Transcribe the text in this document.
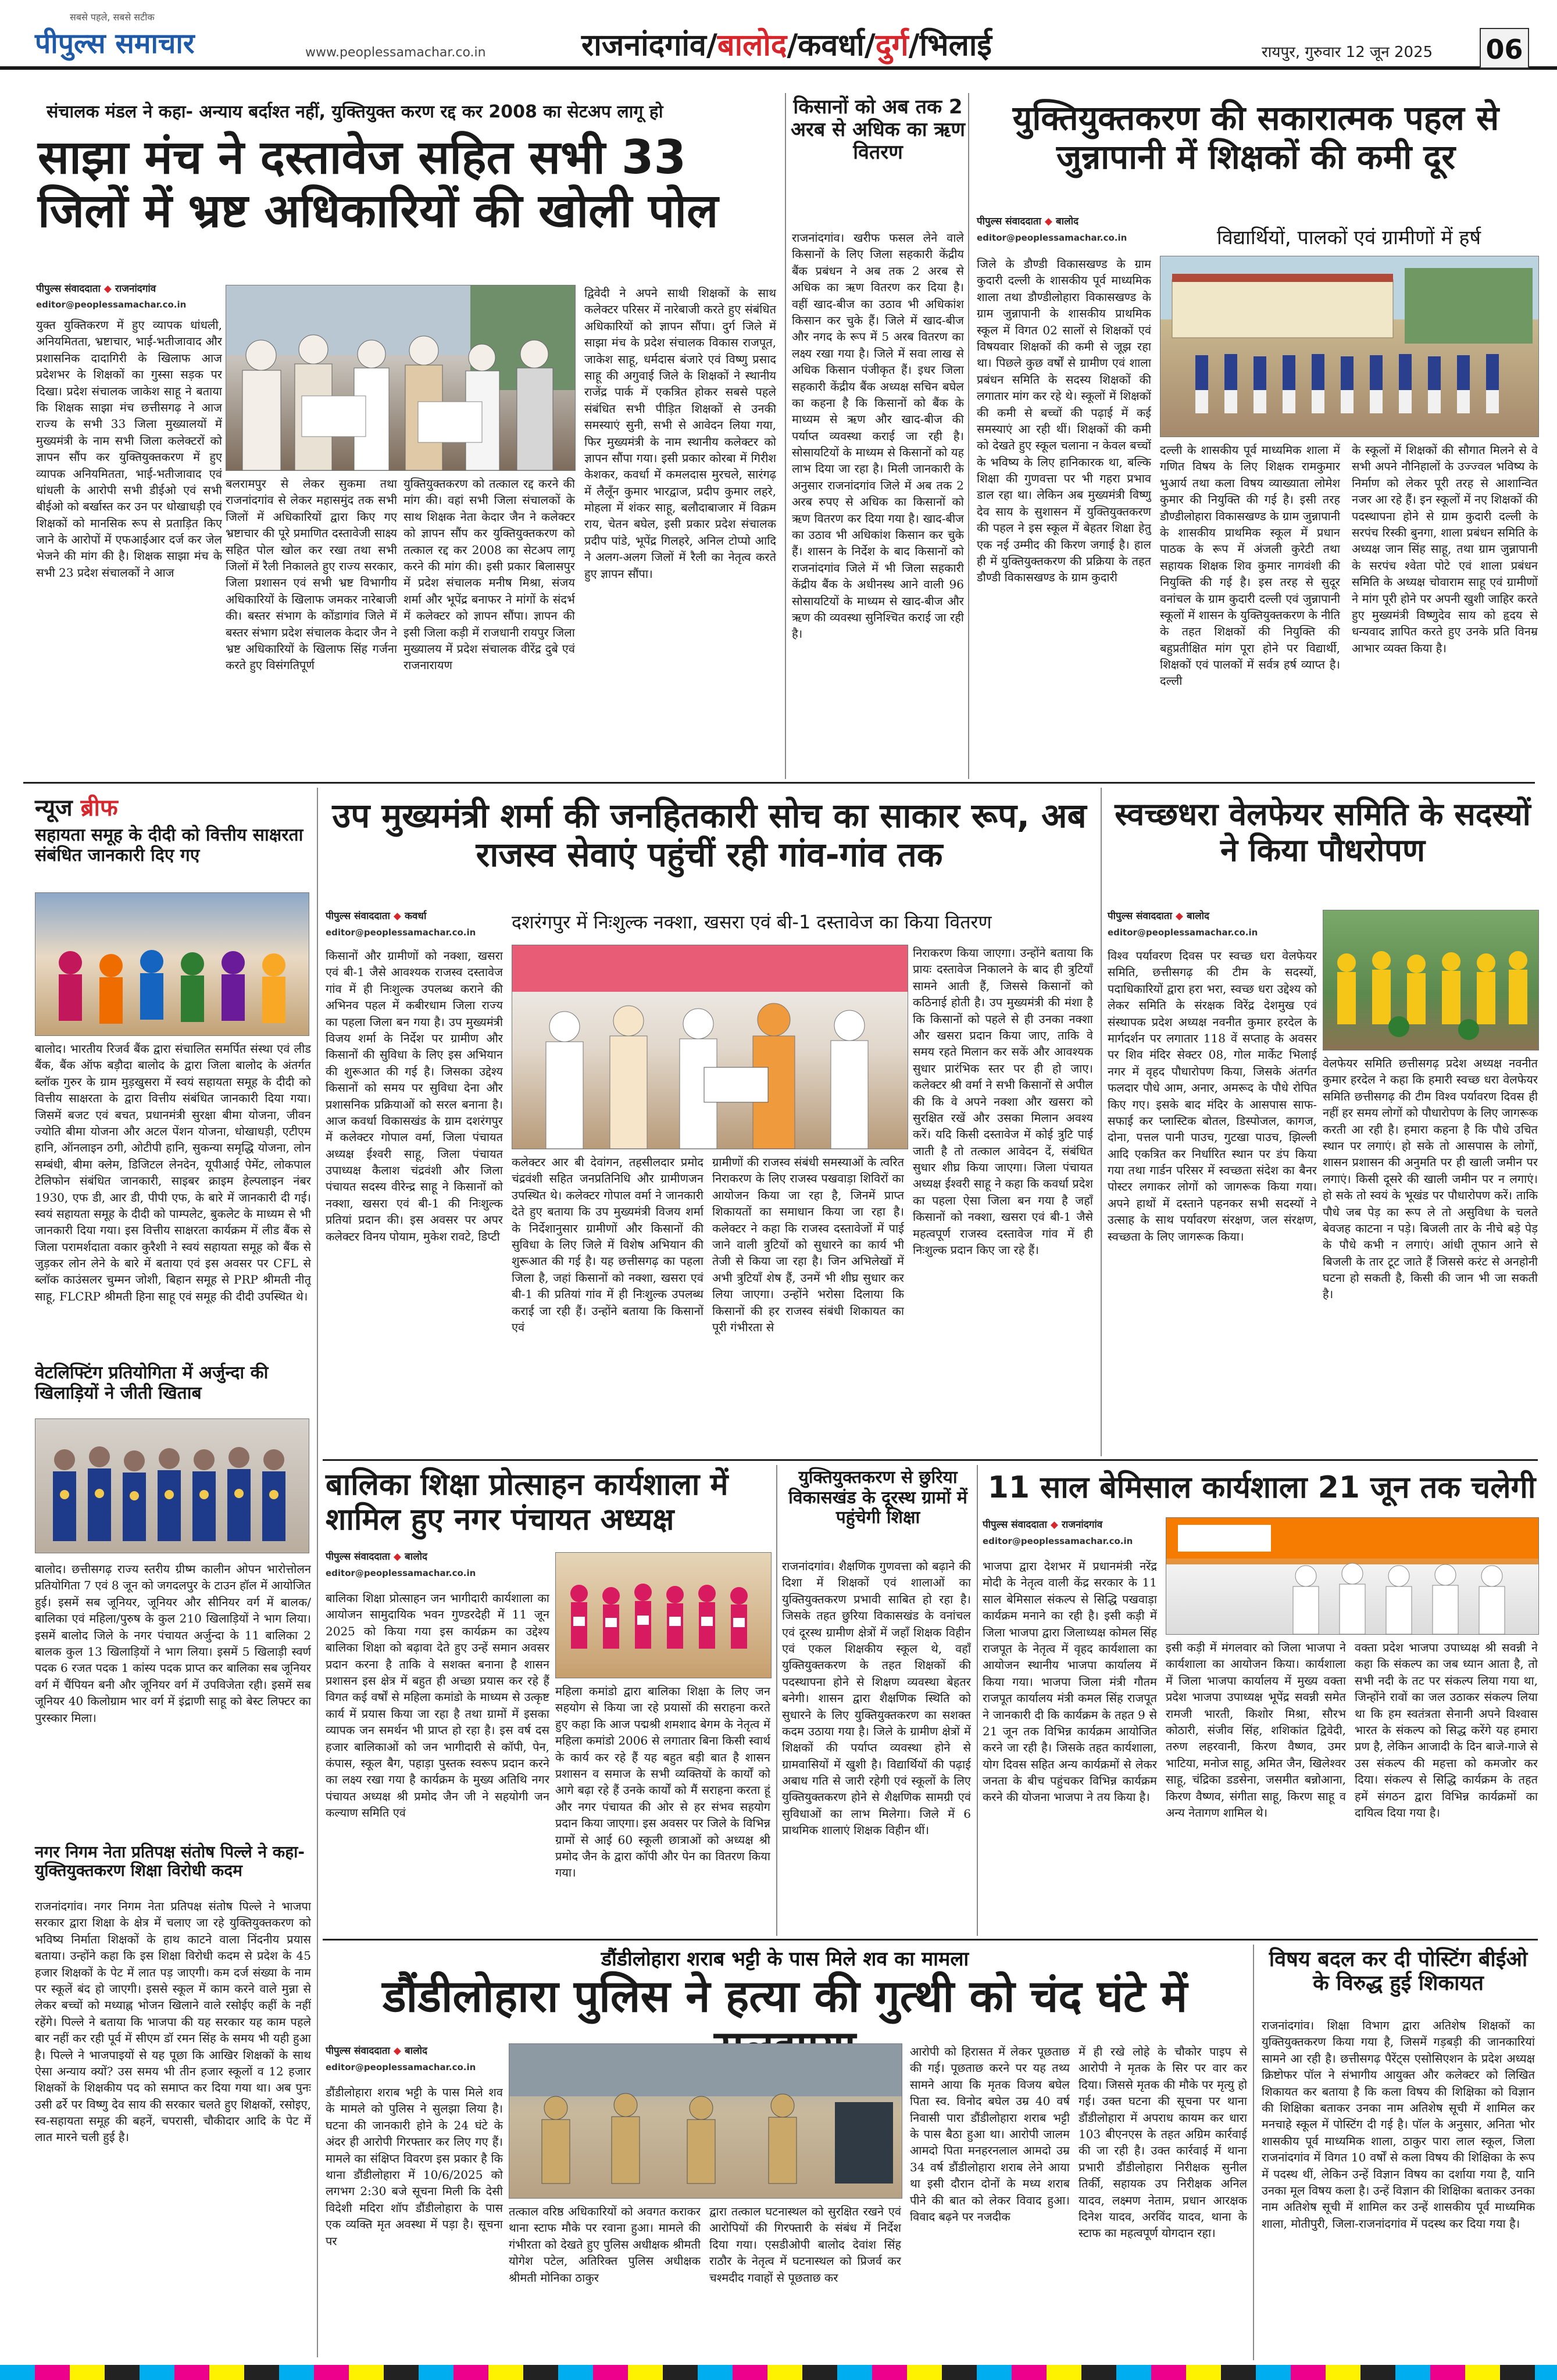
सबसे पहले, सबसे सटीक
पीपुल्स समाचार	www.peoplessamachar.co.in	राजनांदगांव/बालोद/कवर्धा/दुर्ग/भिलाई	रायपुर, गुरुवार 12 जून 2025 06
संचालक मंडल ने कहा- अन्याय बर्दाश्त नहीं, युक्तियुक्त करण रद्द कर 2008 का सेटअप लागू हो
साझा मंच ने दस्तावेज सहित सभी 33 जिलों में भ्रष्ट अधिकारियों की खोली पोल
पीपुल्स संवाददाता ◆ राजनांदगांव
editor@peoplessamachar.co.in
युक्त युक्तिकरण में हुए व्यापक धांधली, अनियमितता, भ्रष्टाचार, भाई-भतीजावाद और प्रशासनिक दादागिरी के खिलाफ आज प्रदेशभर के शिक्षकों का गुस्सा सड़क पर दिखा। प्रदेश संचालक जाकेश साहू ने बताया कि शिक्षक साझा मंच छत्तीसगढ़ ने आज राज्य के सभी 33 जिला मुख्यालयों में मुख्यमंत्री के नाम सभी जिला कलेक्टरों को ज्ञापन सौंप कर युक्तियुक्तकरण में हुए व्यापक अनियमितता, भाई-भतीजावाद एवं धांधली के आरोपी सभी डीईओ एवं सभी बीईओ को बर्खास्त कर उन पर धोखाधड़ी एवं शिक्षकों को मानसिक रूप से प्रताड़ित किए जाने के आरोपों में एफआईआर दर्ज कर जेल भेजने की मांग की है। शिक्षक साझा मंच के सभी 23 प्रदेश संचालकों ने आज
बलरामपुर से लेकर सुकमा तथा राजनांदगांव से लेकर महासमुंद तक सभी जिलों में अधिकारियों द्वारा किए गए भ्रष्टाचार की पूरे प्रमाणित दस्तावेजी साक्ष्य सहित पोल खोल कर रखा तथा सभी जिलों में रैली निकालते हुए राज्य सरकार, जिला प्रशासन एवं सभी भ्रष्ट विभागीय अधिकारियों के खिलाफ जमकर नारेबाजी की। बस्तर संभाग के कोंडागांव जिले में बस्तर संभाग प्रदेश संचालक केदार जैन ने भ्रष्ट अधिकारियों के खिलाफ सिंह गर्जना करते हुए विसंगतिपूर्ण
युक्तियुक्तकरण को तत्काल रद्द करने की मांग की। वहां सभी जिला संचालकों के साथ शिक्षक नेता केदार जैन ने कलेक्टर को ज्ञापन सौंप कर युक्तियुक्तकरण को तत्काल रद्द कर 2008 का सेटअप लागू करने की मांग की। इसी प्रकार बिलासपुर में प्रदेश संचालक मनीष मिश्रा, संजय शर्मा और भूपेंद्र बनाफर ने मांगों के संदर्भ में कलेक्टर को ज्ञापन सौंपा। ज्ञापन की इसी जिला कड़ी में राजधानी रायपुर जिला मुख्यालय में प्रदेश संचालक वीरेंद्र दुबे एवं राजनारायण
द्विवेदी ने अपने साथी शिक्षकों के साथ कलेक्टर परिसर में नारेबाजी करते हुए संबंधित अधिकारियों को ज्ञापन सौंपा। दुर्ग जिले में साझा मंच के प्रदेश संचालक विकास राजपूत, जाकेश साहू, धर्मदास बंजारे एवं विष्णु प्रसाद साहू की अगुवाई जिले के शिक्षकों ने स्थानीय राजेंद्र पार्क में एकत्रित होकर सबसे पहले संबंधित सभी पीड़ित शिक्षकों से उनकी समस्याएं सुनी, सभी से आवेदन लिया गया, फिर मुख्यमंत्री के नाम स्थानीय कलेक्टर को ज्ञापन सौंपा गया। इसी प्रकार कोरबा में गिरीश केशकर, कवर्धा में कमलदास मुरचले, सारंगढ़ में लैलूँन कुमार भारद्वाज, प्रदीप कुमार लहरे, मोहला में शंकर साहू, बलौदाबाजार में विक्रम राय, चेतन बघेल, इसी प्रकार प्रदेश संचालक प्रदीप पांडे, भूपेंद्र गिलहरे, अनिल टोप्पो आदि ने अलग-अलग जिलों में रैली का नेतृत्व करते हुए ज्ञापन सौंपा।
किसानों को अब तक 2 अरब से अधिक का ऋण वितरण
राजनांदगांव। खरीफ फसल लेने वाले किसानों के लिए जिला सहकारी केंद्रीय बैंक प्रबंधन ने अब तक 2 अरब से अधिक का ऋण वितरण कर दिया है। वहीं खाद-बीज का उठाव भी अधिकांश किसान कर चुके हैं। जिले में खाद-बीज और नगद के रूप में 5 अरब वितरण का लक्ष्य रखा गया है। जिले में सवा लाख से अधिक किसान पंजीकृत हैं। इधर जिला सहकारी केंद्रीय बैंक अध्यक्ष सचिन बघेल का कहना है कि किसानों को बैंक के माध्यम से ऋण और खाद-बीज की पर्याप्त व्यवस्था कराई जा रही है। सोसायटियों के माध्यम से किसानों को यह लाभ दिया जा रहा है। मिली जानकारी के अनुसार राजनांदगांव जिले में अब तक 2 अरब रुपए से अधिक का किसानों को ऋण वितरण कर दिया गया है। खाद-बीज का उठाव भी अधिकांश किसान कर चुके हैं। शासन के निर्देश के बाद किसानों को राजनांदगांव जिले में भी जिला सहकारी केंद्रीय बैंक के अधीनस्थ आने वाली 96 सोसायटियों के माध्यम से खाद-बीज और ऋण की व्यवस्था सुनिश्चित कराई जा रही है।
युक्तियुक्तकरण की सकारात्मक पहल से जुन्नापानी में शिक्षकों की कमी दूर
पीपुल्स संवाददाता ◆ बालोद
editor@peoplessamachar.co.in	विद्यार्थियों, पालकों एवं ग्रामीणों में हर्ष
जिले के डौण्डी विकासखण्ड के ग्राम कुदारी दल्ली के शासकीय पूर्व माध्यमिक शाला तथा डौण्डीलोहारा विकासखण्ड के ग्राम जुन्नापानी के शासकीय प्राथमिक स्कूल में विगत 02 सालों से शिक्षकों एवं विषयवार शिक्षकों की कमी से जूझ रहा था। पिछले कुछ वर्षों से ग्रामीण एवं शाला प्रबंधन समिति के सदस्य शिक्षकों की लगातार मांग कर रहे थे। स्कूलों में शिक्षकों की कमी से बच्चों की पढ़ाई में कई समस्याएं आ रही थीं। शिक्षकों की कमी को देखते हुए स्कूल चलाना न केवल बच्चों के भविष्य के लिए हानिकारक था, बल्कि शिक्षा की गुणवत्ता पर भी गहरा प्रभाव डाल रहा था। लेकिन अब मुख्यमंत्री विष्णु देव साय के सुशासन में युक्तियुक्तकरण की पहल ने इस स्कूल में बेहतर शिक्षा हेतु एक नई उम्मीद की किरण जगाई है। हाल ही में युक्तियुक्तकरण की प्रक्रिया के तहत डौण्डी विकासखण्ड के ग्राम कुदारी
दल्ली के शासकीय पूर्व माध्यमिक शाला में गणित विषय के लिए शिक्षक रामकुमार भुआर्य तथा कला विषय व्याख्याता लोमेश कुमार की नियुक्ति की गई है। इसी तरह डौण्डीलोहारा विकासखण्ड के ग्राम जुन्नापानी के शासकीय प्राथमिक स्कूल में प्रधान पाठक के रूप में अंजली कुरेटी तथा सहायक शिक्षक शिव कुमार नागवंशी की नियुक्ति की गई है। इस तरह से सुदूर वनांचल के ग्राम कुदारी दल्ली एवं जुन्नापानी स्कूलों में शासन के युक्तियुक्तकरण के नीति के तहत शिक्षकों की नियुक्ति की बहुप्रतीक्षित मांग पूरा होने पर विद्यार्थी, शिक्षकों एवं पालकों में सर्वत्र हर्ष व्याप्त है। दल्ली
के स्कूलों में शिक्षकों की सौगात मिलने से वे सभी अपने नौनिहालों के उज्ज्वल भविष्य के निर्माण को लेकर पूरी तरह से आशान्वित नजर आ रहे हैं। इन स्कूलों में नए शिक्षकों की पदस्थापना होने से ग्राम कुदारी दल्ली के सरपंच रिस्की बुनगा, शाला प्रबंधन समिति के अध्यक्ष जान सिंह साहू, तथा ग्राम जुन्नापानी के सरपंच श्वेता पोटे एवं शाला प्रबंधन समिति के अध्यक्ष चोवाराम साहू एवं ग्रामीणों ने मांग पूरी होने पर अपनी खुशी जाहिर करते हुए मुख्यमंत्री विष्णुदेव साय को हृदय से धन्यवाद ज्ञापित करते हुए उनके प्रति विनम्र आभार व्यक्त किया है।
न्यूज ब्रीफ
सहायता समूह के दीदी को वित्तीय साक्षरता संबंधित जानकारी दिए गए
बालोद। भारतीय रिजर्व बैंक द्वारा संचालित समर्पित संस्था एवं लीड बैंक, बैंक ऑफ बड़ौदा बालोद के द्वारा जिला बालोद के अंतर्गत ब्लॉक गुरुर के ग्राम मुड़खुसरा में स्वयं सहायता समूह के दीदी को वित्तीय साक्षरता के द्वारा वित्तीय संबंधित जानकारी दिया गया। जिसमें बजट एवं बचत, प्रधानमंत्री सुरक्षा बीमा योजना, जीवन ज्योति बीमा योजना और अटल पेंशन योजना, धोखाधड़ी, एटीएम हानि, ऑनलाइन ठगी, ओटीपी हानि, सुकन्या समृद्धि योजना, लोन सम्बंधी, बीमा क्लेम, डिजिटल लेनदेन, यूपीआई पेमेंट, लोकपाल टेलिफोन संबंधित जानकारी, साइबर क्राइम हेल्पलाइन नंबर 1930, एफ डी, आर डी, पीपी एफ, के बारे में जानकारी दी गई। स्वयं सहायता समूह के दीदी को पाम्पलेट, बुकलेट के माध्यम से भी जानकारी दिया गया। इस वित्तीय साक्षरता कार्यक्रम में लीड बैंक से जिला परामर्शदाता वकार कुरैशी ने स्वयं सहायता समूह को बैंक से जुड़कर लोन लेने के बारे में बताया एवं इस अवसर पर CFL से ब्लॉक काउंसलर चुम्मन जोशी, बिहान समूह से PRP श्रीमती नीतू साहू, FLCRP श्रीमती हिना साहू एवं समूह की दीदी उपस्थित थे।
वेटलिफ्टिंग प्रतियोगिता में अर्जुन्दा की खिलाड़ियों ने जीती खिताब
बालोद। छत्तीसगढ़ राज्य स्तरीय ग्रीष्म कालीन ओपन भारोत्तोलन प्रतियोगिता 7 एवं 8 जून को जगदलपुर के टाउन हॉल में आयोजित हुई। इसमें सब जूनियर, जूनियर और सीनियर वर्ग में बालक/बालिका एवं महिला/पुरुष के कुल 210 खिलाड़ियों ने भाग लिया। इसमें बालोद जिले के नगर पंचायत अर्जुन्दा के 11 बालिका 2 बालक कुल 13 खिलाड़ियों ने भाग लिया। इसमें 5 खिलाड़ी स्वर्ण पदक 6 रजत पदक 1 कांस्य पदक प्राप्त कर बालिका सब जूनियर वर्ग में चैंपियन बनी और जूनियर वर्ग में उपविजेता रही। इसमें सब जूनियर 40 किलोग्राम भार वर्ग में इंद्राणी साहू को बेस्ट लिफ्टर का पुरस्कार मिला।
नगर निगम नेता प्रतिपक्ष संतोष पिल्ले ने कहा- युक्तियुक्तकरण शिक्षा विरोधी कदम
राजनांदगांव। नगर निगम नेता प्रतिपक्ष संतोष पिल्ले ने भाजपा सरकार द्वारा शिक्षा के क्षेत्र में चलाए जा रहे युक्तियुक्तकरण को भविष्य निर्माता शिक्षकों के हाथ काटने वाला निंदनीय प्रयास बताया। उन्होंने कहा कि इस शिक्षा विरोधी कदम से प्रदेश के 45 हजार शिक्षकों के पेट में लात पड़ जाएगी। कम दर्ज संख्या के नाम पर स्कूलें बंद हो जाएगी। इससे स्कूल में काम करने वाले मुन्ना से लेकर बच्चों को मध्याह्न भोजन खिलाने वाले रसोईए कहीं के नहीं रहेंगे। पिल्ले ने बताया कि भाजपा की यह सरकार यह काम पहले बार नहीं कर रही पूर्व में सीएम डॉ रमन सिंह के समय भी यही हुआ है। पिल्ले ने भाजपाइयों से यह पूछा कि आखिर शिक्षकों के साथ ऐसा अन्याय क्यों? उस समय भी तीन हजार स्कूलों व 12 हजार शिक्षकों के शिक्षकीय पद को समाप्त कर दिया गया था। अब पुनः उसी ढर्रे पर विष्णु देव साय की सरकार चलते हुए शिक्षकों, रसोइए, स्व-सहायता समूह की बहनें, चपरासी, चौकीदार आदि के पेट में लात मारने चली हुई है।
उप मुख्यमंत्री शर्मा की जनहितकारी सोच का साकार रूप, अब राजस्व सेवाएं पहुंचीं रही गांव-गांव तक
पीपुल्स संवाददाता ◆ कवर्धा
editor@peoplessamachar.co.in दशरंगपुर में निःशुल्क नक्शा, खसरा एवं बी-1 दस्तावेज का किया वितरण
किसानों और ग्रामीणों को नक्शा, खसरा एवं बी-1 जैसे आवश्यक राजस्व दस्तावेज गांव में ही निःशुल्क उपलब्ध कराने की अभिनव पहल में कबीरधाम जिला राज्य का पहला जिला बन गया है। उप मुख्यमंत्री विजय शर्मा के निर्देश पर ग्रामीण और किसानों की सुविधा के लिए इस अभियान की शुरूआत की गई है। जिसका उद्देश्य किसानों को समय पर सुविधा देना और प्रशासनिक प्रक्रियाओं को सरल बनाना है। आज कवर्धा विकासखंड के ग्राम दशरंगपुर में कलेक्टर गोपाल वर्मा, जिला पंचायत अध्यक्ष ईश्वरी साहू, जिला पंचायत उपाध्यक्ष कैलाश चंद्रवंशी और जिला पंचायत सदस्य वीरेन्द्र साहू ने किसानों को नक्शा, खसरा एवं बी-1 की निःशुल्क प्रतियां प्रदान की। इस अवसर पर अपर कलेक्टर विनय पोयाम, मुकेश रावटे, डिप्टी
कलेक्टर आर बी देवांगन, तहसीलदार प्रमोद चंद्रवंशी सहित जनप्रतिनिधि और ग्रामीणजन उपस्थित थे। कलेक्टर गोपाल वर्मा ने जानकारी देते हुए बताया कि उप मुख्यमंत्री विजय शर्मा के निर्देशानुसार ग्रामीणों और किसानों की सुविधा के लिए जिले में विशेष अभियान की शुरूआत की गई है। यह छत्तीसगढ़ का पहला जिला है, जहां किसानों को नक्शा, खसरा एवं बी-1 की प्रतियां गांव में ही निःशुल्क उपलब्ध कराई जा रही हैं। उन्होंने बताया कि किसानों एवं
ग्रामीणों की राजस्व संबंधी समस्याओं के त्वरित निराकरण के लिए राजस्व पखवाड़ा शिविरों का आयोजन किया जा रहा है, जिनमें प्राप्त शिकायतों का समाधान किया जा रहा है। कलेक्टर ने कहा कि राजस्व दस्तावेजों में पाई जाने वाली त्रुटियों को सुधारने का कार्य भी तेजी से किया जा रहा है। जिन अभिलेखों में अभी त्रुटियाँ शेष हैं, उनमें भी शीघ्र सुधार कर लिया जाएगा। उन्होंने भरोसा दिलाया कि किसानों की हर राजस्व संबंधी शिकायत का पूरी गंभीरता से
निराकरण किया जाएगा। उन्होंने बताया कि प्रायः दस्तावेज निकालने के बाद ही त्रुटियाँ सामने आती हैं, जिससे किसानों को कठिनाई होती है। उप मुख्यमंत्री की मंशा है कि किसानों को पहले से ही उनका नक्शा और खसरा प्रदान किया जाए, ताकि वे समय रहते मिलान कर सकें और आवश्यक सुधार प्रारंभिक स्तर पर ही हो जाए। कलेक्टर श्री वर्मा ने सभी किसानों से अपील की कि वे अपने नक्शा और खसरा को सुरक्षित रखें और उसका मिलान अवश्य करें। यदि किसी दस्तावेज में कोई त्रुटि पाई जाती है तो तत्काल आवेदन दें, संबंधित सुधार शीघ्र किया जाएगा। जिला पंचायत अध्यक्ष ईश्वरी साहू ने कहा कि कवर्धा प्रदेश का पहला ऐसा जिला बन गया है जहाँ किसानों को नक्शा, खसरा एवं बी-1 जैसे महत्वपूर्ण राजस्व दस्तावेज गांव में ही निःशुल्क प्रदान किए जा रहे हैं।
स्वच्छधरा वेलफेयर समिति के सदस्यों ने किया पौधरोपण
पीपुल्स संवाददाता ◆ बालोद
editor@peoplessamachar.co.in
विश्व पर्यावरण दिवस पर स्वच्छ धरा वेलफेयर समिति, छत्तीसगढ़ की टीम के सदस्यों, पदाधिकारियों द्वारा हरा भरा, स्वच्छ धरा उद्देश्य को लेकर समिति के संरक्षक विरेंद्र देशमुख एवं संस्थापक प्रदेश अध्यक्ष नवनीत कुमार हरदेल के मार्गदर्शन पर लगातार 118 वें सप्ताह के अवसर पर शिव मंदिर सेक्टर 08, गोल मार्केट भिलाई नगर में वृहद पौधारोपण किया, जिसके अंतर्गत फलदार पौधे आम, अनार, अमरूद के पौधे रोपित किए गए। इसके बाद मंदिर के आसपास साफ-सफाई कर प्लास्टिक बोतल, डिस्पोजल, कागज, दोना, पत्तल पानी पाउच, गुटखा पाउच, झिल्ली आदि एकत्रित कर निर्धारित स्थान पर डंप किया गया तथा गार्डन परिसर में स्वच्छता संदेश का बैनर पोस्टर लगाकर लोगों को जागरूक किया गया। अपने हाथों में दस्ताने पहनकर सभी सदस्यों ने उत्साह के साथ पर्यावरण संरक्षण, जल संरक्षण, स्वच्छता के लिए जागरूक किया।
वेलफेयर समिति छत्तीसगढ़ प्रदेश अध्यक्ष नवनीत कुमार हरदेल ने कहा कि हमारी स्वच्छ धरा वेलफेयर समिति छत्तीसगढ़ की टीम विश्व पर्यावरण दिवस ही नहीं हर समय लोगों को पौधारोपण के लिए जागरूक करती आ रही है। हमारा कहना है कि पौधे उचित स्थान पर लगाएं। हो सके तो आसपास के लोगों, शासन प्रशासन की अनुमति पर ही खाली जमीन पर लगाएं। किसी दूसरे की खाली जमीन पर न लगाएं। हो सके तो स्वयं के भूखंड पर पौधारोपण करें। ताकि पौधे जब पेड़ का रूप ले तो असुविधा के चलते बेवजह काटना न पड़े। बिजली तार के नीचे बड़े पेड़ के पौधे कभी न लगाएं। आंधी तूफान आने से बिजली के तार टूट जाते हैं जिससे करंट से अनहोनी घटना हो सकती है, किसी की जान भी जा सकती है।
बालिका शिक्षा प्रोत्साहन कार्यशाला में शामिल हुए नगर पंचायत अध्यक्ष
पीपुल्स संवाददाता ◆ बालोद
editor@peoplessamachar.co.in
बालिका शिक्षा प्रोत्साहन जन भागीदारी कार्यशाला का आयोजन सामुदायिक भवन गुण्डरदेही में 11 जून 2025 को किया गया इस कार्यक्रम का उद्देश्य बालिका शिक्षा को बढ़ावा देते हुए उन्हें समान अवसर प्रदान करना है ताकि वे सशक्त बनाना है शासन प्रशासन इस क्षेत्र में बहुत ही अच्छा प्रयास कर रहे हैं विगत कई वर्षों से महिला कमांडो के माध्यम से उत्कृष्ट कार्य में प्रयास किया जा रहा है तथा ग्रामों में इसका व्यापक जन समर्थन भी प्राप्त हो रहा है। इस वर्ष दस हजार बालिकाओं को जन भागीदारी से कॉपी, पेन, कंपास, स्कूल बैग, पहाड़ा पुस्तक स्वरूप प्रदान करने का लक्ष्य रखा गया है कार्यक्रम के मुख्य अतिथि नगर पंचायत अध्यक्ष श्री प्रमोद जैन जी ने सहयोगी जन कल्याण समिति एवं
महिला कमांडो द्वारा बालिका शिक्षा के लिए जन सहयोग से किया जा रहे प्रयासों की सराहना करते हुए कहा कि आज पद्मश्री शमशाद बेगम के नेतृत्व में महिला कमांडो 2006 से लगातार बिना किसी स्वार्थ के कार्य कर रहे हैं यह बहुत बड़ी बात है शासन प्रशासन व समाज के सभी व्यक्तियों के कार्यों को आगे बढ़ा रहे हैं उनके कार्यों को मैं सराहना करता हूं और नगर पंचायत की ओर से हर संभव सहयोग प्रदान किया जाएगा। इस अवसर पर जिले के विभिन्न ग्रामों से आई 60 स्कूली छात्राओं को अध्यक्ष श्री प्रमोद जैन के द्वारा कॉपी और पेन का वितरण किया गया।
युक्तियुक्तकरण से छुरिया विकासखंड के दूरस्थ ग्रामों में पहुंचेगी शिक्षा
राजनांदगांव। शैक्षणिक गुणवत्ता को बढ़ाने की दिशा में शिक्षकों एवं शालाओं का युक्तियुक्तकरण प्रभावी साबित हो रहा है। जिसके तहत छुरिया विकासखंड के वनांचल एवं दूरस्थ ग्रामीण क्षेत्रों में जहाँ शिक्षक विहीन एवं एकल शिक्षकीय स्कूल थे, वहाँ युक्तियुक्तकरण के तहत शिक्षकों की पदस्थापना होने से शिक्षण व्यवस्था बेहतर बनेगी। शासन द्वारा शैक्षणिक स्थिति को सुधारने के लिए युक्तियुक्तकरण का सशक्त कदम उठाया गया है। जिले के ग्रामीण क्षेत्रों में शिक्षकों की पर्याप्त व्यवस्था होने से ग्रामवासियों में खुशी है। विद्यार्थियों की पढ़ाई अबाध गति से जारी रहेगी एवं स्कूलों के लिए युक्तियुक्तकरण होने से शैक्षणिक सामग्री एवं सुविधाओं का लाभ मिलेगा। जिले में 6 प्राथमिक शालाएं शिक्षक विहीन थीं।
11 साल बेमिसाल कार्यशाला 21 जून तक चलेगी
पीपुल्स संवाददाता ◆ राजनांदगांव
editor@peoplessamachar.co.in
भाजपा द्वारा देशभर में प्रधानमंत्री नरेंद्र मोदी के नेतृत्व वाली केंद्र सरकार के 11 साल बेमिसाल संकल्प से सिद्धि पखवाड़ा कार्यक्रम मनाने का रही है। इसी कड़ी में जिला भाजपा द्वारा जिलाध्यक्ष कोमल सिंह राजपूत के नेतृत्व में वृहद कार्यशाला का आयोजन स्थानीय भाजपा कार्यालय में किया गया। भाजपा जिला मंत्री गौतम राजपूत कार्यालय मंत्री कमल सिंह राजपूत ने जानकारी दी कि कार्यक्रम के तहत 9 से 21 जून तक विभिन्न कार्यक्रम आयोजित करने जा रही है। जिसके तहत कार्यशाला, योग दिवस सहित अन्य कार्यक्रमों से लेकर जनता के बीच पहुंचकर विभिन्न कार्यक्रम करने की योजना भाजपा ने तय किया है।
इसी कड़ी में मंगलवार को जिला भाजपा ने कार्यशाला का आयोजन किया। कार्यशाला में जिला भाजपा कार्यालय में मुख्य वक्ता प्रदेश भाजपा उपाध्यक्ष भूपेंद्र सवन्नी समेत रामजी भारती, किशोर मिश्रा, सौरभ कोठारी, संजीव सिंह, शशिकांत द्विवेदी, तरुण लहरवानी, किरण वैष्णव, उमर भाटिया, मनोज साहू, अमित जैन, खिलेश्वर साहू, चंद्रिका डडसेना, जसमीत बन्नोआना, किरण वैष्णव, संगीता साहू, किरण साहू व अन्य नेतागण शामिल थे।
वक्ता प्रदेश भाजपा उपाध्यक्ष श्री सवन्नी ने कहा कि संकल्प का जब ध्यान आता है, तो सभी नदी के तट पर संकल्प लिया गया था, जिन्होंने रावों का जल उठाकर संकल्प लिया था कि हम स्वतंत्रता सेनानी अपने विश्वास भारत के संकल्प को सिद्ध करेंगे यह हमारा प्रण है, लेकिन आजादी के दिन बाजे-गाजे से उस संकल्प की महत्ता को कमजोर कर दिया। संकल्प से सिद्धि कार्यक्रम के तहत हमें संगठन द्वारा विभिन्न कार्यक्रमों का दायित्व दिया गया है।
डौंडीलोहारा शराब भट्टी के पास मिले शव का मामला
डौंडीलोहारा पुलिस ने हत्या की गुत्थी को चंद घंटे में
पीपुल्स संवाददाता ◆ बालोद
editor@peoplessamachar.co.in
डौंडीलोहारा शराब भट्टी के पास मिले शव के मामले को पुलिस ने सुलझा लिया है। घटना की जानकारी होने के 24 घंटे के अंदर ही आरोपी गिरफ्तार कर लिए गए हैं। मामले का संक्षिप्त विवरण इस प्रकार है कि थाना डौंडीलोहारा में 10/6/2025 को लगभग 2:30 बजे सूचना मिली कि देसी विदेशी मदिरा शॉप डौंडीलोहारा के पास एक व्यक्ति मृत अवस्था में पड़ा है। सूचना पर
तत्काल वरिष्ठ अधिकारियों को अवगत कराकर थाना स्टाफ मौके पर रवाना हुआ। मामले की गंभीरता को देखते हुए पुलिस अधीक्षक श्रीमती योगेश पटेल, अतिरिक्त पुलिस अधीक्षक श्रीमती मोनिका ठाकुर
द्वारा तत्काल घटनास्थल को सुरक्षित रखने एवं आरोपियों की गिरफ्तारी के संबंध में निर्देश दिया गया। एसडीओपी बालोद देवांश सिंह राठौर के नेतृत्व में घटनास्थल को प्रिजर्व कर चश्मदीद गवाहों से पूछताछ कर
आरोपी को हिरासत में लेकर पूछताछ की गई। पूछताछ करने पर यह तथ्य सामने आया कि मृतक विजय बघेल पिता स्व. विनोद बघेल उम्र 40 वर्ष निवासी पारा डौंडीलोहारा शराब भट्टी के पास बैठा हुआ था। आरोपी जालम आमदो पिता मनहरनलाल आमदो उम्र 34 वर्ष डौंडीलोहारा शराब लेने आया था इसी दौरान दोनों के मध्य शराब पीने की बात को लेकर विवाद हुआ। विवाद बढ़ने पर नजदीक
में ही रखे लोहे के चौकोर पाइप से आरोपी ने मृतक के सिर पर वार कर दिया। जिससे मृतक की मौके पर मृत्यु हो गई। उक्त घटना की सूचना पर थाना डौंडीलोहारा में अपराध कायम कर धारा 103 बीएनएस के तहत अग्रिम कार्रवाई की जा रही है। उक्त कार्रवाई में थाना प्रभारी डौंडीलोहारा निरीक्षक सुनील तिर्की, सहायक उप निरीक्षक अनिल यादव, लक्ष्मण नेताम, प्रधान आरक्षक दिनेश यादव, अरविंद यादव, थाना के स्टाफ का महत्वपूर्ण योगदान रहा।
विषय बदल कर दी पोस्टिंग बीईओ के विरुद्ध हुई शिकायत
राजनांदगांव। शिक्षा विभाग द्वारा अतिशेष शिक्षकों का युक्तियुक्तकरण किया गया है, जिसमें गड़बड़ी की जानकारियां सामने आ रही है। छत्तीसगढ़ पैरेंट्स एसोसिएशन के प्रदेश अध्यक्ष क्रिष्टोफर पॉल ने संभागीय आयुक्त और कलेक्टर को लिखित शिकायत कर बताया है कि कला विषय की शिक्षिका को विज्ञान की शिक्षिका बताकर उनका नाम अतिशेष सूची में शामिल कर मनचाहे स्कूल में पोस्टिंग दी गई है। पॉल के अनुसार, अनिता भोर शासकीय पूर्व माध्यमिक शाला, ठाकुर पारा लाल स्कूल, जिला राजनांदगांव में विगत 10 वर्षों से कला विषय की शिक्षिका के रूप में पदस्थ थीं, लेकिन उन्हें विज्ञान विषय का दर्शाया गया है, यानि उनका मूल विषय कला है। उन्हें विज्ञान की शिक्षिका बताकर उनका नाम अतिशेष सूची में शामिल कर उन्हें शासकीय पूर्व माध्यमिक शाला, मोतीपुरी, जिला-राजनांदगांव में पदस्थ कर दिया गया है।
